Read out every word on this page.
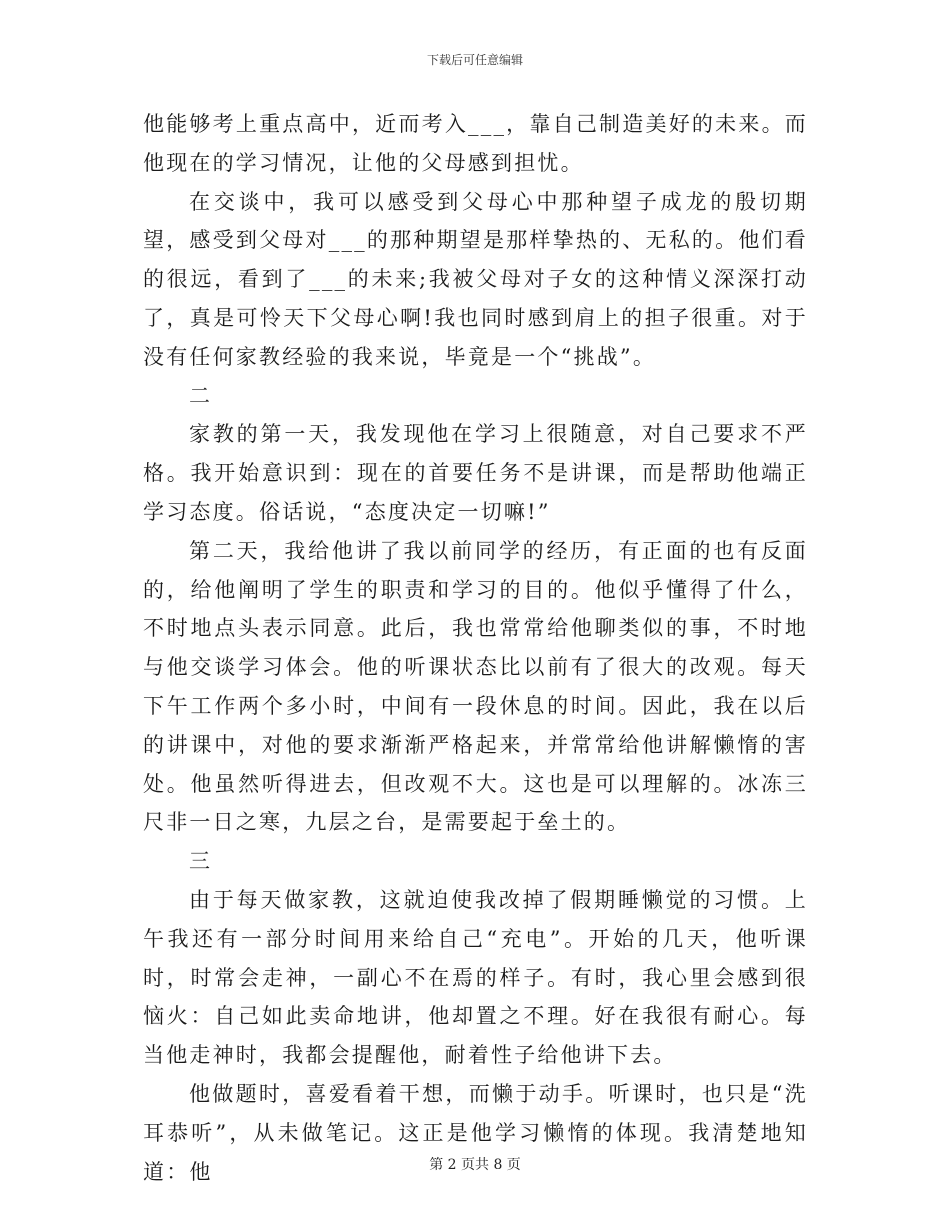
下载后可任意编辑

他能够考上重点高中，近而考入___，靠自己制造美好的未来。而他现在的学习情况，让他的父母感到担忧。

在交谈中，我可以感受到父母心中那种望子成龙的殷切期望，感受到父母对___的那种期望是那样挚热的、无私的。他们看的很远，看到了___的未来;我被父母对子女的这种情义深深打动了，真是可怜天下父母心啊!我也同时感到肩上的担子很重。对于没有任何家教经验的我来说，毕竟是一个“挑战”。

二

家教的第一天，我发现他在学习上很随意，对自己要求不严格。我开始意识到：现在的首要任务不是讲课，而是帮助他端正学习态度。俗话说，“态度决定一切嘛!”

第二天，我给他讲了我以前同学的经历，有正面的也有反面的，给他阐明了学生的职责和学习的目的。他似乎懂得了什么，不时地点头表示同意。此后，我也常常给他聊类似的事，不时地与他交谈学习体会。他的听课状态比以前有了很大的改观。每天下午工作两个多小时，中间有一段休息的时间。因此，我在以后的讲课中，对他的要求渐渐严格起来，并常常给他讲解懒惰的害处。他虽然听得进去，但改观不大。这也是可以理解的。冰冻三尺非一日之寒，九层之台，是需要起于垒土的。

三

由于每天做家教，这就迫使我改掉了假期睡懒觉的习惯。上午我还有一部分时间用来给自己“充电”。开始的几天，他听课时，时常会走神，一副心不在焉的样子。有时，我心里会感到很恼火：自己如此卖命地讲，他却置之不理。好在我很有耐心。每当他走神时，我都会提醒他，耐着性子给他讲下去。

他做题时，喜爱看着干想，而懒于动手。听课时，也只是“洗耳恭听”，从未做笔记。这正是他学习懒惰的体现。我清楚地知道：他	第 2 页共 8 页
